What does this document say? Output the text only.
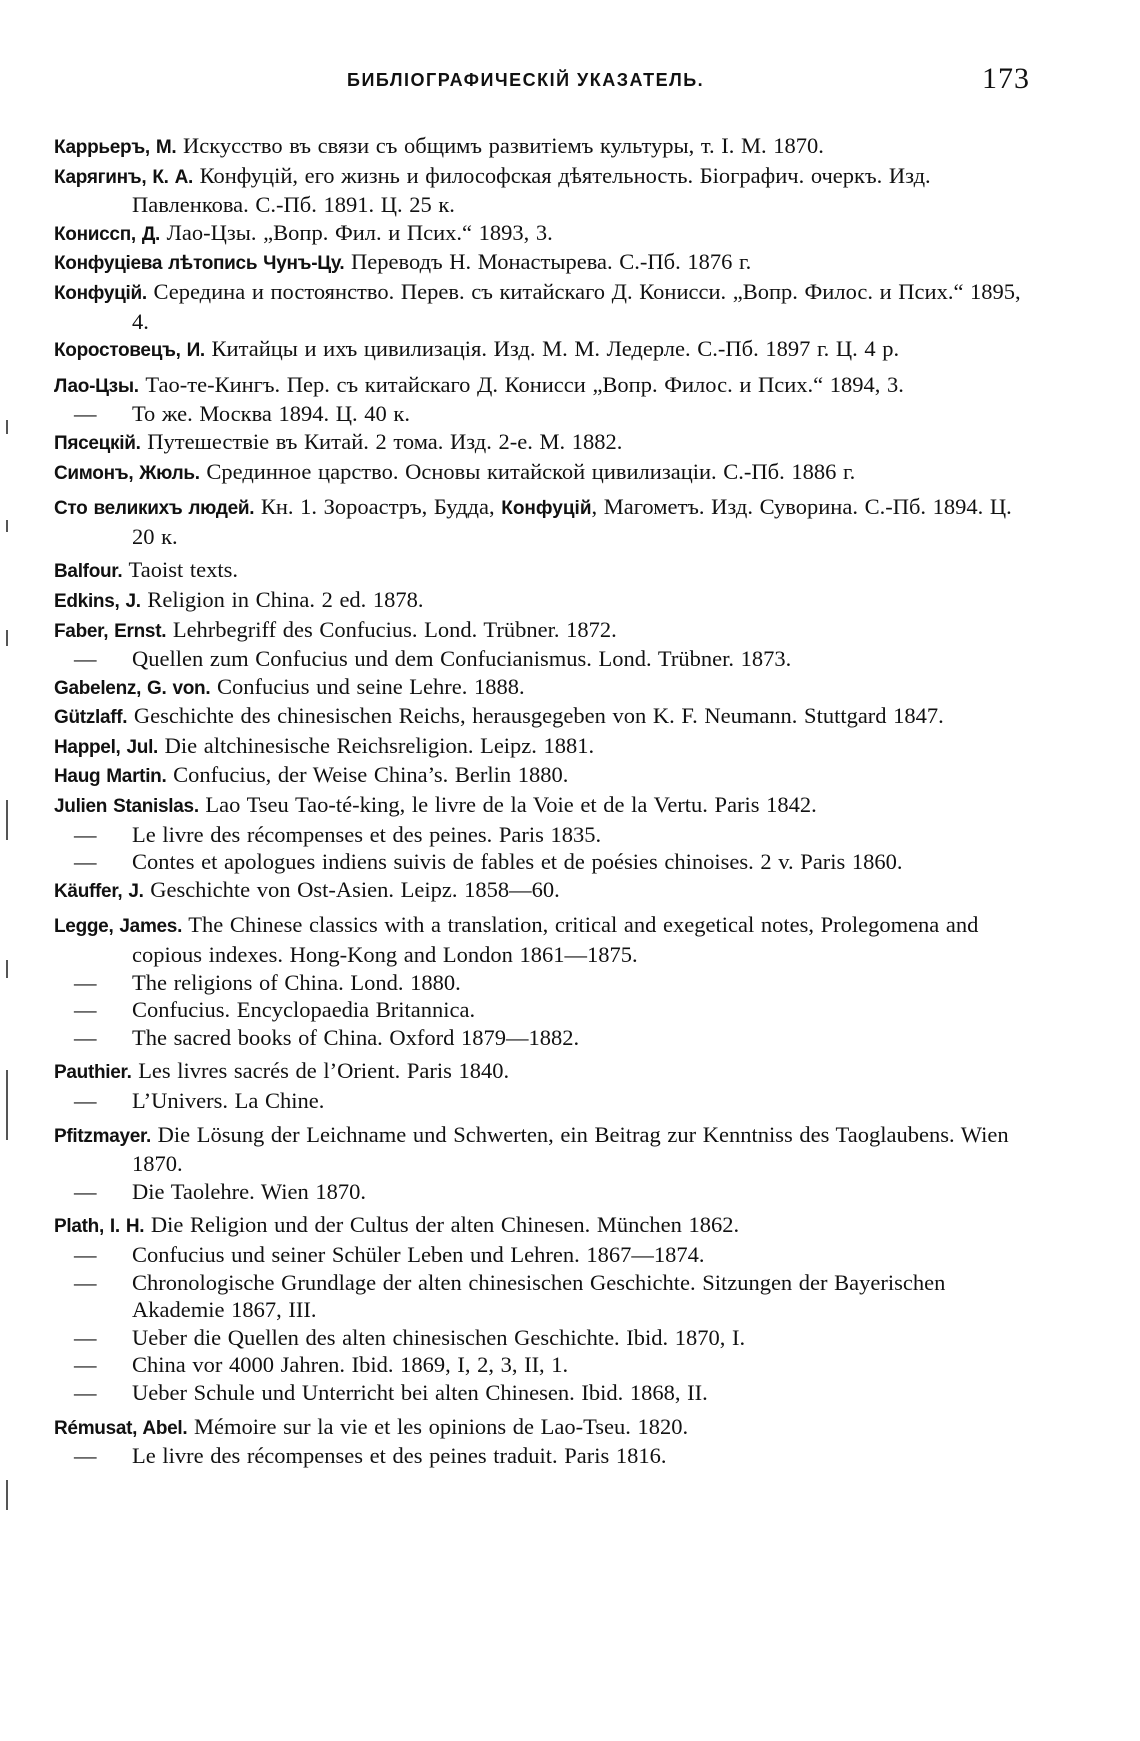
БИБЛIОГРАФИЧЕСКIЙ УКАЗАТЕЛЬ.	173

Каррьеръ, М. Искусство въ связи съ общимъ развитiемъ культуры, т. I. М. 1870.

Карягинъ, К. А. Конфуцiй, его жизнь и философская дѣятельность. Бiографич. очеркъ. Изд. Павленкова. С.-Пб. 1891. Ц. 25 к.

Кониссп, Д. Лао-Цзы. „Вопр. Фил. и Псих.“ 1893, 3.

Конфуцiева лѣтопись Чунъ-Цу. Переводъ Н. Монастырева. С.-Пб. 1876 г.

Конфуцiй. Середина и постоянство. Перев. съ китайскаго Д. Конисси. „Вопр. Филос. и Псих.“ 1895, 4.

Коростовецъ, И. Китайцы и ихъ цивилизацiя. Изд. М. М. Ледерле. С.-Пб. 1897 г. Ц. 4 р.

Лао-Цзы. Тао-те-Кингъ. Пер. съ китайскаго Д. Конисси „Вопр. Филос. и Псих.“ 1894, 3.

— То же. Москва 1894. Ц. 40 к.

Пясецкiй. Путешествiе въ Китай. 2 тома. Изд. 2-е. М. 1882.

Симонъ, Жюль. Срединное царство. Основы китайской цивилизацiи. С.-Пб. 1886 г.

Сто великихъ людей. Кн. 1. Зороастръ, Будда, Конфуцiй, Магометъ. Изд. Суворина. С.-Пб. 1894. Ц. 20 к.

Balfour. Taoist texts.

Edkins, J. Religion in China. 2 ed. 1878.

Faber, Ernst. Lehrbegriff des Confucius. Lond. Trübner. 1872.

— Quellen zum Confucius und dem Confucianismus. Lond. Trübner. 1873.

Gabelenz, G. von. Confucius und seine Lehre. 1888.

Gützlaff. Geschichte des chinesischen Reichs, herausgegeben von K. F. Neumann. Stuttgard 1847.

Happel, Jul. Die altchinesische Reichsreligion. Leipz. 1881.

Haug Martin. Confucius, der Weise China’s. Berlin 1880.

Julien Stanislas. Lao Tseu Tao-té-king, le livre de la Voie et de la Vertu. Paris 1842.

— Le livre des récompenses et des peines. Paris 1835.

— Contes et apologues indiens suivis de fables et de poésies chinoises. 2 v. Paris 1860.

Käuffer, J. Geschichte von Ost-Asien. Leipz. 1858—60.

Legge, James. The Chinese classics with a translation, critical and exegetical notes, Prolegomena and copious indexes. Hong-Kong and London 1861—1875.

— The religions of China. Lond. 1880.

— Confucius. Encyclopaedia Britannica.

— The sacred books of China. Oxford 1879—1882.

Pauthier. Les livres sacrés de l’Orient. Paris 1840.

— L’Univers. La Chine.

Pfitzmayer. Die Lösung der Leichname und Schwerten, ein Beitrag zur Kenntniss des Taoglaubens. Wien 1870.

— Die Taolehre. Wien 1870.

Plath, I. H. Die Religion und der Cultus der alten Chinesen. München 1862.

— Confucius und seiner Schüler Leben und Lehren. 1867—1874.

— Chronologische Grundlage der alten chinesischen Geschichte. Sitzungen der Bayerischen Akademie 1867, III.

— Ueber die Quellen des alten chinesischen Geschichte. Ibid. 1870, I.

— China vor 4000 Jahren. Ibid. 1869, I, 2, 3, II, 1.

— Ueber Schule und Unterricht bei alten Chinesen. Ibid. 1868, II.

Rémusat, Abel. Mémoire sur la vie et les opinions de Lao-Tseu. 1820.

— Le livre des récompenses et des peines traduit. Paris 1816.
